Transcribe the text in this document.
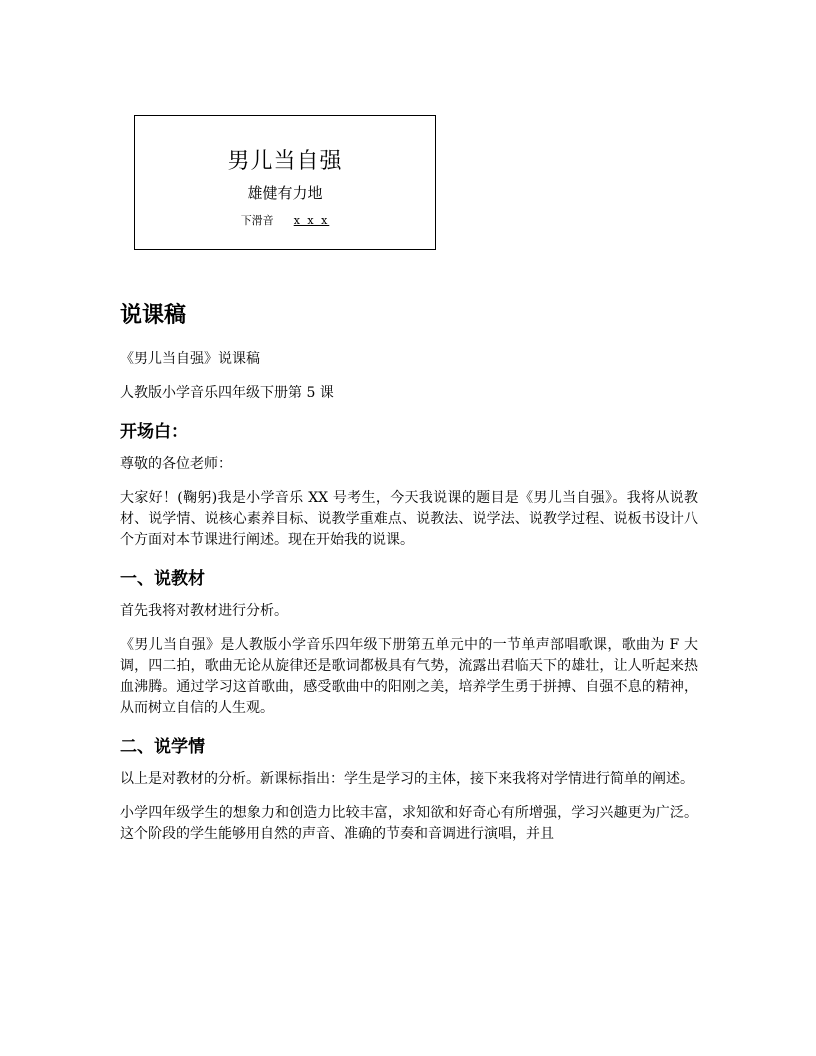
男儿当自强
雄健有力地
下滑音 x x x
说课稿

《男儿当自强》说课稿

人教版小学音乐四年级下册第 5 课

开场白：

尊敬的各位老师：

大家好！(鞠躬)我是小学音乐 XX 号考生，今天我说课的题目是《男儿当自强》。我将从说教材、说学情、说核心素养目标、说教学重难点、说教法、说学法、说教学过程、说板书设计八个方面对本节课进行阐述。现在开始我的说课。

一、说教材

首先我将对教材进行分析。

《男儿当自强》是人教版小学音乐四年级下册第五单元中的一节单声部唱歌课，歌曲为 F 大调，四二拍，歌曲无论从旋律还是歌词都极具有气势，流露出君临天下的雄壮，让人听起来热血沸腾。通过学习这首歌曲，感受歌曲中的阳刚之美，培养学生勇于拼搏、自强不息的精神，从而树立自信的人生观。

二、说学情

以上是对教材的分析。新课标指出：学生是学习的主体，接下来我将对学情进行简单的阐述。

小学四年级学生的想象力和创造力比较丰富，求知欲和好奇心有所增强，学习兴趣更为广泛。这个阶段的学生能够用自然的声音、准确的节奏和音调进行演唱，并且
